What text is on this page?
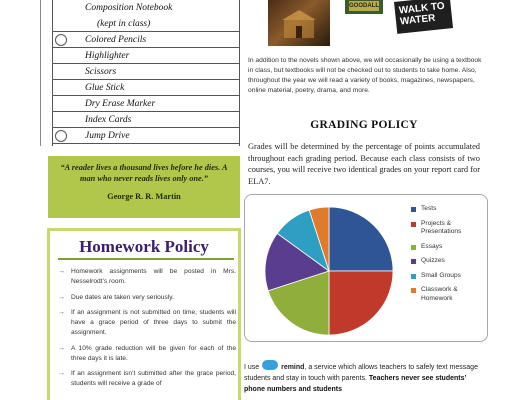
Composition Notebook
(kept in class)
Colored Pencils
Highlighter
Scissors
Glue Stick
Dry Erase Marker
Index Cards
Jump Drive
“A reader lives a thousand lives before he dies. A man who never reads lives only one.”
George R. R. Martin
Homework Policy
→ Homework assignments will be posted in Mrs. Nesselrodt’s room.
→ Due dates are taken very seriously.
→ If an assignment is not submitted on time, students will have a grace period of three days to submit the assignment.
→ A 10% grade reduction will be given for each of the three days it is late.
→ If an assignment isn’t submitted after the grace period, students will receive a grade of
GOODALL WALK TO WATER

In addition to the novels shown above, we will occasionally be using a textbook in class, but textbooks will not be checked out to students to take home. Also, throughout the year we will read a variety of books, magazines, newspapers, online material, poetry, drama, and more.

GRADING POLICY

Grades will be determined by the percentage of points accumulated throughout each grading period. Because each class consists of two courses, you will receive two identical grades on your report card for ELA7.

Tests
Projects & Presentations
Essays
Quizzes
Small Groups
Classwork & Homework

I use	remind, a service which allows teachers to safely text message students and stay in touch with parents. Teachers never see students’ phone numbers and students
